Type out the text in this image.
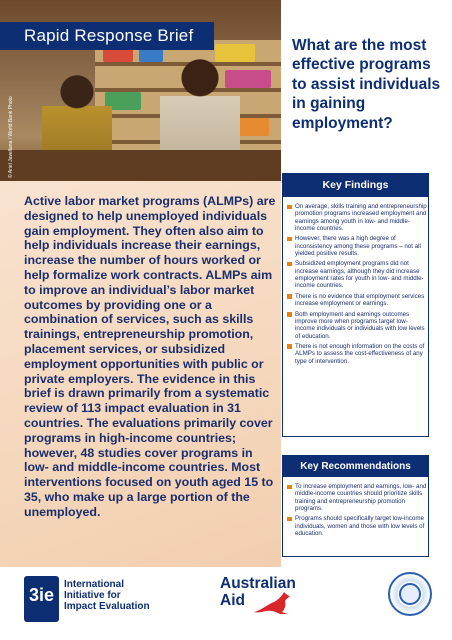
Rapid Response Brief
© Ariel Javellana / World Bank Photo
What are the most effective programs to assist individuals in gaining employment?

Active labor market programs (ALMPs) are designed to help unemployed individuals gain employment. They often also aim to help individuals increase their earnings, increase the number of hours worked or help formalize work contracts. ALMPs aim to improve an individual’s labor market outcomes by providing one or a combination of services, such as skills trainings, entrepreneurship promotion, placement services, or subsidized employment opportunities with public or private employers. The evidence in this brief is drawn primarily from a systematic review of 113 impact evaluation in 31 countries. The evaluations primarily cover programs in high-income countries; however, 48 studies cover programs in low- and middle-income countries. Most interventions focused on youth aged 15 to 35, who make up a large portion of the unemployed.

Key Findings
On average, skills training and entrepreneurship promotion programs increased employment and earnings among youth in low- and middle-income countries.
However, there was a high degree of inconsistency among these programs – not all yielded positive results.
Subsidized employment programs did not increase earnings, although they did increase employment rates for youth in low- and middle-income countries.
There is no evidence that employment services increase employment or earnings.
Both employment and earnings outcomes improve more when programs target low-income individuals or individuals with low levels of education.
There is not enough information on the costs of ALMPs to assess the cost-effectiveness of any type of intervention.
Key Recommendations
To increase employment and earnings, low- and middle-income countries should prioritize skills training and entrepreneurship promotion programs.
Programs should specifically target low-income individuals, women and those with low levels of education.
3ie
International
Initiative for
Impact Evaluation
Australian
Aid
